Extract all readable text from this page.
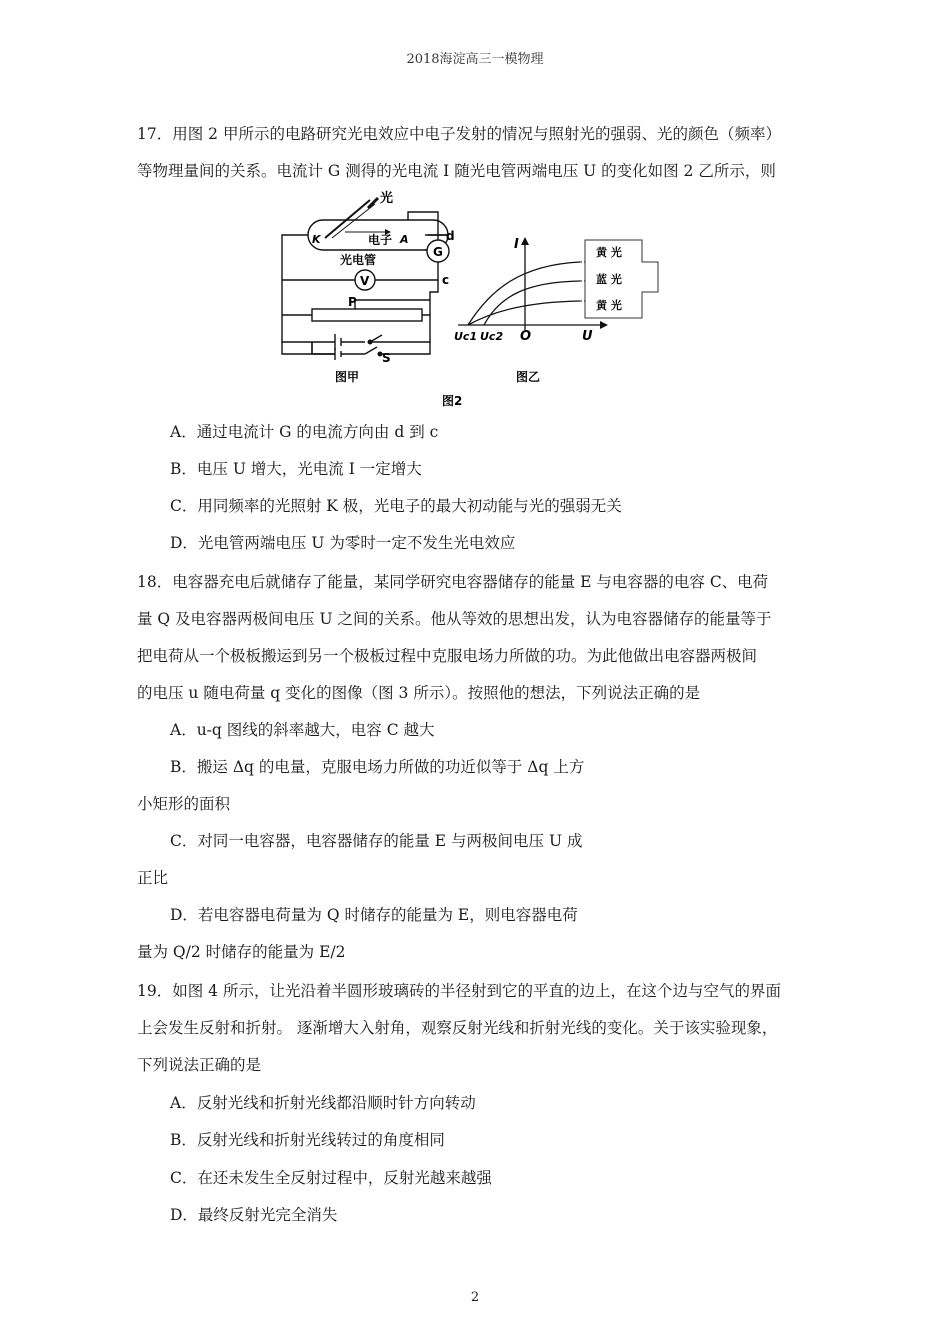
2018海淀高三一模物理
17．用图 2 甲所示的电路研究光电效应中电子发射的情况与照射光的强弱、光的颜色（频率）
等物理量间的关系。电流计 G 测得的光电流 I 随光电管两端电压 U 的变化如图 2 乙所示，则
光
电子
K	A
光电管
G
V
d
c
P
S
图甲
黄 光
蓝 光
黄 光
I
U
O
Uc1 Uc2
图乙
图2
A．通过电流计 G 的电流方向由 d 到 c
B．电压 U 增大，光电流 I 一定增大
C．用同频率的光照射 K 极，光电子的最大初动能与光的强弱无关
D．光电管两端电压 U 为零时一定不发生光电效应
18．电容器充电后就储存了能量，某同学研究电容器储存的能量 E 与电容器的电容 C、电荷
量 Q 及电容器两极间电压 U 之间的关系。他从等效的思想出发，认为电容器储存的能量等于
把电荷从一个极板搬运到另一个极板过程中克服电场力所做的功。为此他做出电容器两极间
的电压 u 随电荷量 q 变化的图像（图 3 所示）。按照他的想法，下列说法正确的是
A．u-q 图线的斜率越大，电容 C 越大
B．搬运 Δq 的电量，克服电场力所做的功近似等于 Δq 上方
小矩形的面积
C．对同一电容器，电容器储存的能量 E 与两极间电压 U 成
正比
D．若电容器电荷量为 Q 时储存的能量为 E，则电容器电荷
量为 Q/2 时储存的能量为 E/2
19．如图 4 所示，让光沿着半圆形玻璃砖的半径射到它的平直的边上，在这个边与空气的界面
上会发生反射和折射。 逐渐增大入射角，观察反射光线和折射光线的变化。关于该实验现象，
下列说法正确的是
A．反射光线和折射光线都沿顺时针方向转动
B．反射光线和折射光线转过的角度相同
C．在还未发生全反射过程中，反射光越来越强
D．最终反射光完全消失
2
